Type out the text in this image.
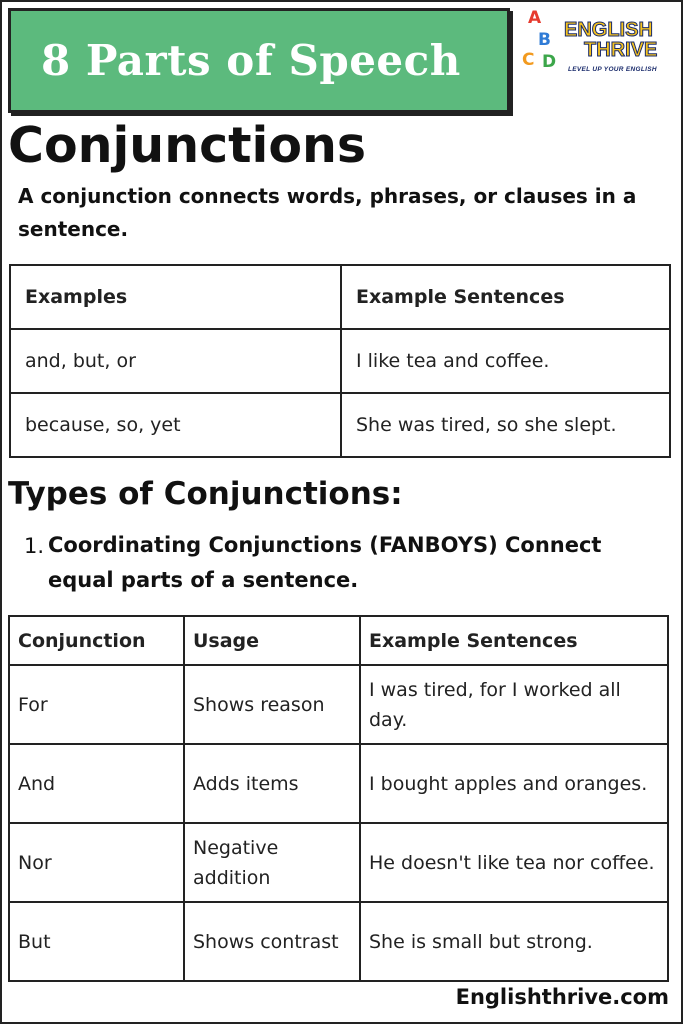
8 Parts of Speech
A
B
C D
ENGLISH
THRIVE
LEVEL UP YOUR ENGLISH
Conjunctions

A conjunction connects words, phrases, or clauses in a sentence.

Examples	Example Sentences
and, but, or	I like tea and coffee.
because, so, yet	She was tired, so she slept.
Types of Conjunctions:
1. Coordinating Conjunctions (FANBOYS) Connect equal parts of a sentence.

Conjunction	Usage	Example Sentences
For	Shows reason	I was tired, for I worked all day.
And	Adds items	I bought apples and oranges.
Nor	Negative addition	He doesn't like tea nor coffee.
But	Shows contrast	She is small but strong.
Englishthrive.com
